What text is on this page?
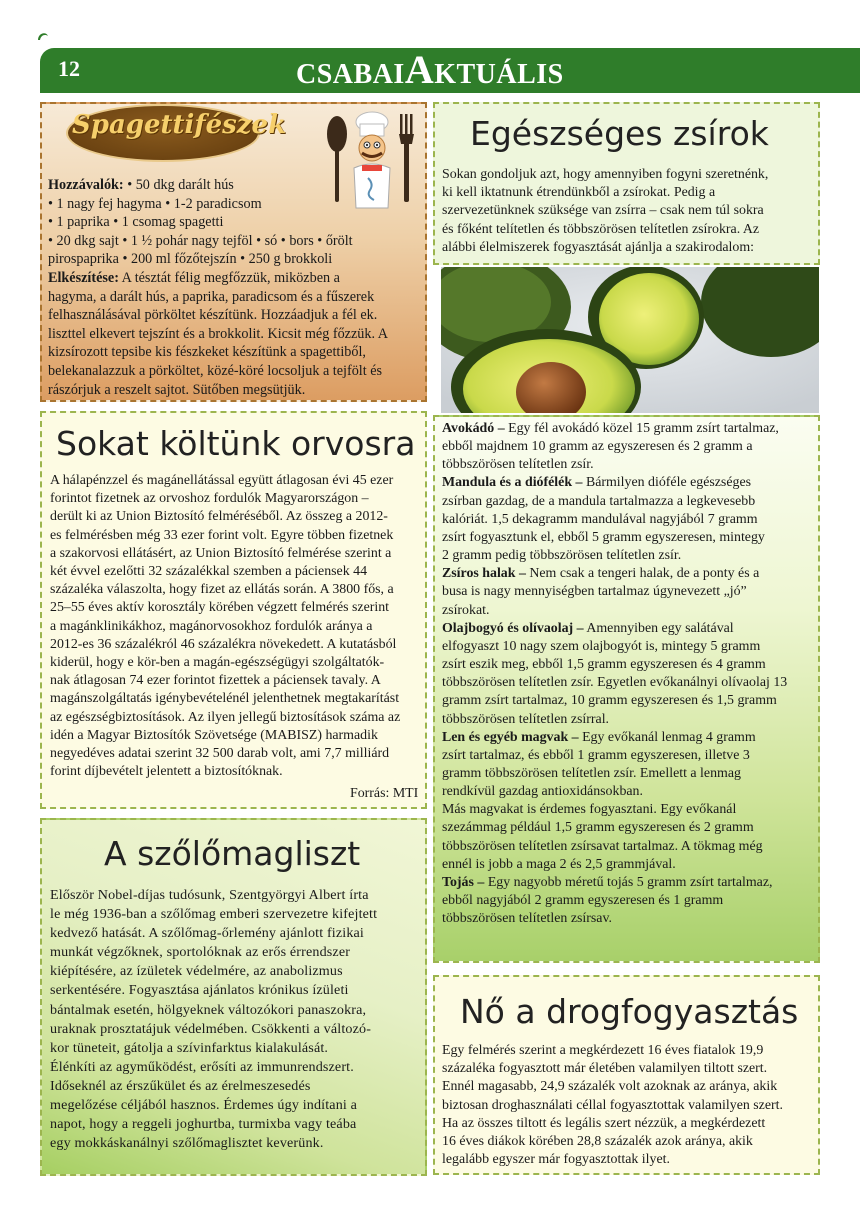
12	CSABAIAKTUÁLIS
Spagettifészek

Hozzávalók: • 50 dkg darált hús

• 1 nagy fej hagyma • 1-2 paradicsom

• 1 paprika • 1 csomag spagetti

• 20 dkg sajt • 1 ½ pohár nagy tejföl • só • bors • őrölt

pirospaprika • 200 ml főzőtejszín • 250 g brokkoli

Elkészítése: A tésztát félig megfőzzük, miközben a

hagyma, a darált hús, a paprika, paradicsom és a fűszerek

felhasználásával pörköltet készítünk. Hozzáadjuk a fél ek.

liszttel elkevert tejszínt és a brokkolit. Kicsit még főzzük. A

kizsírozott tepsibe kis fészkeket készítünk a spagettiből,

belekanalazzuk a pörköltet, közé-köré locsoljuk a tejfölt és

rászórjuk a reszelt sajtot. Sütőben megsütjük.

Sokat költünk orvosra

A hálapénzzel és magánellátással együtt átlagosan évi 45 ezer

forintot fizetnek az orvoshoz fordulók Magyarországon –

derült ki az Union Biztosító felméréséből. Az összeg a 2012-

es felmérésben még 33 ezer forint volt. Egyre többen fizetnek

a szakorvosi ellátásért, az Union Biztosító felmérése szerint a

két évvel ezelőtti 32 százalékkal szemben a páciensek 44

százaléka válaszolta, hogy fizet az ellátás során. A 3800 fős, a

25–55 éves aktív korosztály körében végzett felmérés szerint

a magánklinikákhoz, magánorvosokhoz fordulók aránya a

2012-es 36 százalékról 46 százalékra növekedett. A kutatásból

kiderül, hogy e kör-ben a magán-egészségügyi szolgáltatók-

nak átlagosan 74 ezer forintot fizettek a páciensek tavaly. A

magánszolgáltatás igénybevételénél jelenthetnek megtakarítást

az egészségbiztosítások. Az ilyen jellegű biztosítások száma az

idén a Magyar Biztosítók Szövetsége (MABISZ) harmadik

negyedéves adatai szerint 32 500 darab volt, ami 7,7 milliárd

forint díjbevételt jelentett a biztosítóknak.

Forrás: MTI
A szőlőmagliszt

Először Nobel-díjas tudósunk, Szentgyörgyi Albert írta

le még 1936-ban a szőlőmag emberi szervezetre kifejtett

kedvező hatását. A szőlőmag-őrlemény ajánlott fizikai

munkát végzőknek, sportolóknak az erős érrendszer

kiépítésére, az ízületek védelmére, az anabolizmus

serkentésére. Fogyasztása ajánlatos krónikus ízületi

bántalmak esetén, hölgyeknek változókori panaszokra,

uraknak prosztatájuk védelmében. Csökkenti a változó-

kor tüneteit, gátolja a szívinfarktus kialakulását.

Élénkíti az agyműködést, erősíti az immunrendszert.

Időseknél az érszűkület és az érelmeszesedés

megelőzése céljából hasznos. Érdemes úgy indítani a

napot, hogy a reggeli joghurtba, turmixba vagy teába

egy mokkáskanálnyi szőlőmaglisztet keverünk.

Egészséges zsírok

Sokan gondoljuk azt, hogy amennyiben fogyni szeretnénk,

ki kell iktatnunk étrendünkből a zsírokat. Pedig a

szervezetünknek szüksége van zsírra – csak nem túl sokra

és főként telítetlen és többszörösen telítetlen zsírokra. Az

alábbi élelmiszerek fogyasztását ajánlja a szakirodalom:

Avokádó – Egy fél avokádó közel 15 gramm zsírt tartalmaz,

ebből majdnem 10 gramm az egyszeresen és 2 gramm a

többszörösen telítetlen zsír.

Mandula és a diófélék – Bármilyen dióféle egészséges

zsírban gazdag, de a mandula tartalmazza a legkevesebb

kalóriát. 1,5 dekagramm mandulával nagyjából 7 gramm

zsírt fogyasztunk el, ebből 5 gramm egyszeresen, mintegy

2 gramm pedig többszörösen telítetlen zsír.

Zsíros halak – Nem csak a tengeri halak, de a ponty és a

busa is nagy mennyiségben tartalmaz úgynevezett „jó”

zsírokat.

Olajbogyó és olívaolaj – Amennyiben egy salátával

elfogyaszt 10 nagy szem olajbogyót is, mintegy 5 gramm

zsírt eszik meg, ebből 1,5 gramm egyszeresen és 4 gramm

többszörösen telítetlen zsír. Egyetlen evőkanálnyi olívaolaj 13

gramm zsírt tartalmaz, 10 gramm egyszeresen és 1,5 gramm

többszörösen telítetlen zsírral.

Len és egyéb magvak – Egy evőkanál lenmag 4 gramm

zsírt tartalmaz, és ebből 1 gramm egyszeresen, illetve 3

gramm többszörösen telítetlen zsír. Emellett a lenmag

rendkívül gazdag antioxidánsokban.

Más magvakat is érdemes fogyasztani. Egy evőkanál

szezámmag például 1,5 gramm egyszeresen és 2 gramm

többszörösen telítetlen zsírsavat tartalmaz. A tökmag még

ennél is jobb a maga 2 és 2,5 grammjával.

Tojás – Egy nagyobb méretű tojás 5 gramm zsírt tartalmaz,

ebből nagyjából 2 gramm egyszeresen és 1 gramm

többszörösen telítetlen zsírsav.

Nő a drogfogyasztás

Egy felmérés szerint a megkérdezett 16 éves fiatalok 19,9

százaléka fogyasztott már életében valamilyen tiltott szert.

Ennél magasabb, 24,9 százalék volt azoknak az aránya, akik

biztosan droghasználati céllal fogyasztottak valamilyen szert.

Ha az összes tiltott és legális szert nézzük, a megkérdezett

16 éves diákok körében 28,8 százalék azok aránya, akik

legalább egyszer már fogyasztottak ilyet.
